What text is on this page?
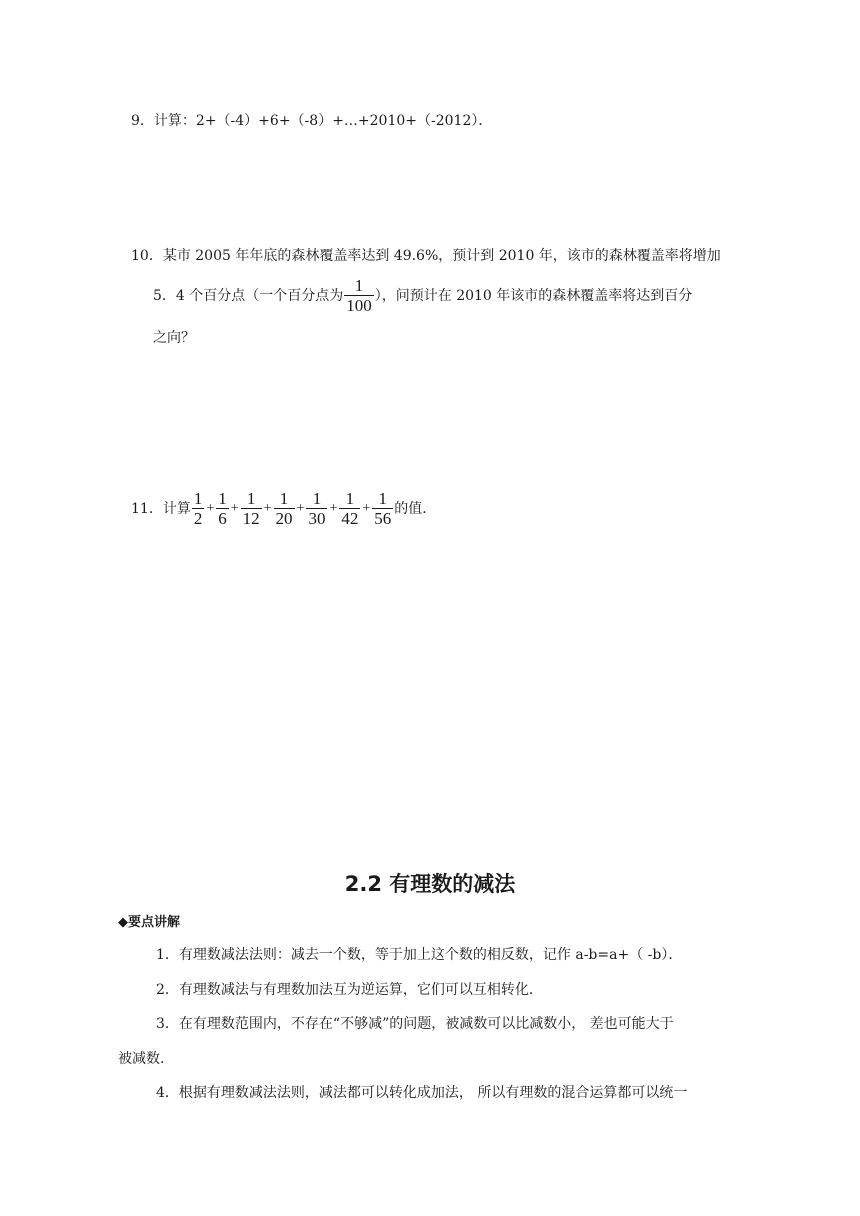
9．计算：2+（-4）+6+（-8）+…+2010+（-2012）．
10．某市 2005 年年底的森林覆盖率达到 49.6%，预计到 2010 年，该市的森林覆盖率将增加
5．4 个百分点（一个百分点为 $\frac{1}{100}$ ），问预计在 2010 年该市的森林覆盖率将达到百分
之向？
11．计算 $\frac{1}{2} + \frac{1}{6} + \frac{1}{12} + \frac{1}{20} + \frac{1}{30} + \frac{1}{42} + \frac{1}{56}$ 的值．
2.2 有理数的减法
◆要点讲解
1．有理数减法法则：减去一个数，等于加上这个数的相反数，记作 a-b=a+（ -b）．
2．有理数减法与有理数加法互为逆运算，它们可以互相转化．
3．在有理数范围内，不存在“不够减”的问题，被减数可以比减数小， 差也可能大于
被减数．
4．根据有理数减法法则，减法都可以转化成加法， 所以有理数的混合运算都可以统一
